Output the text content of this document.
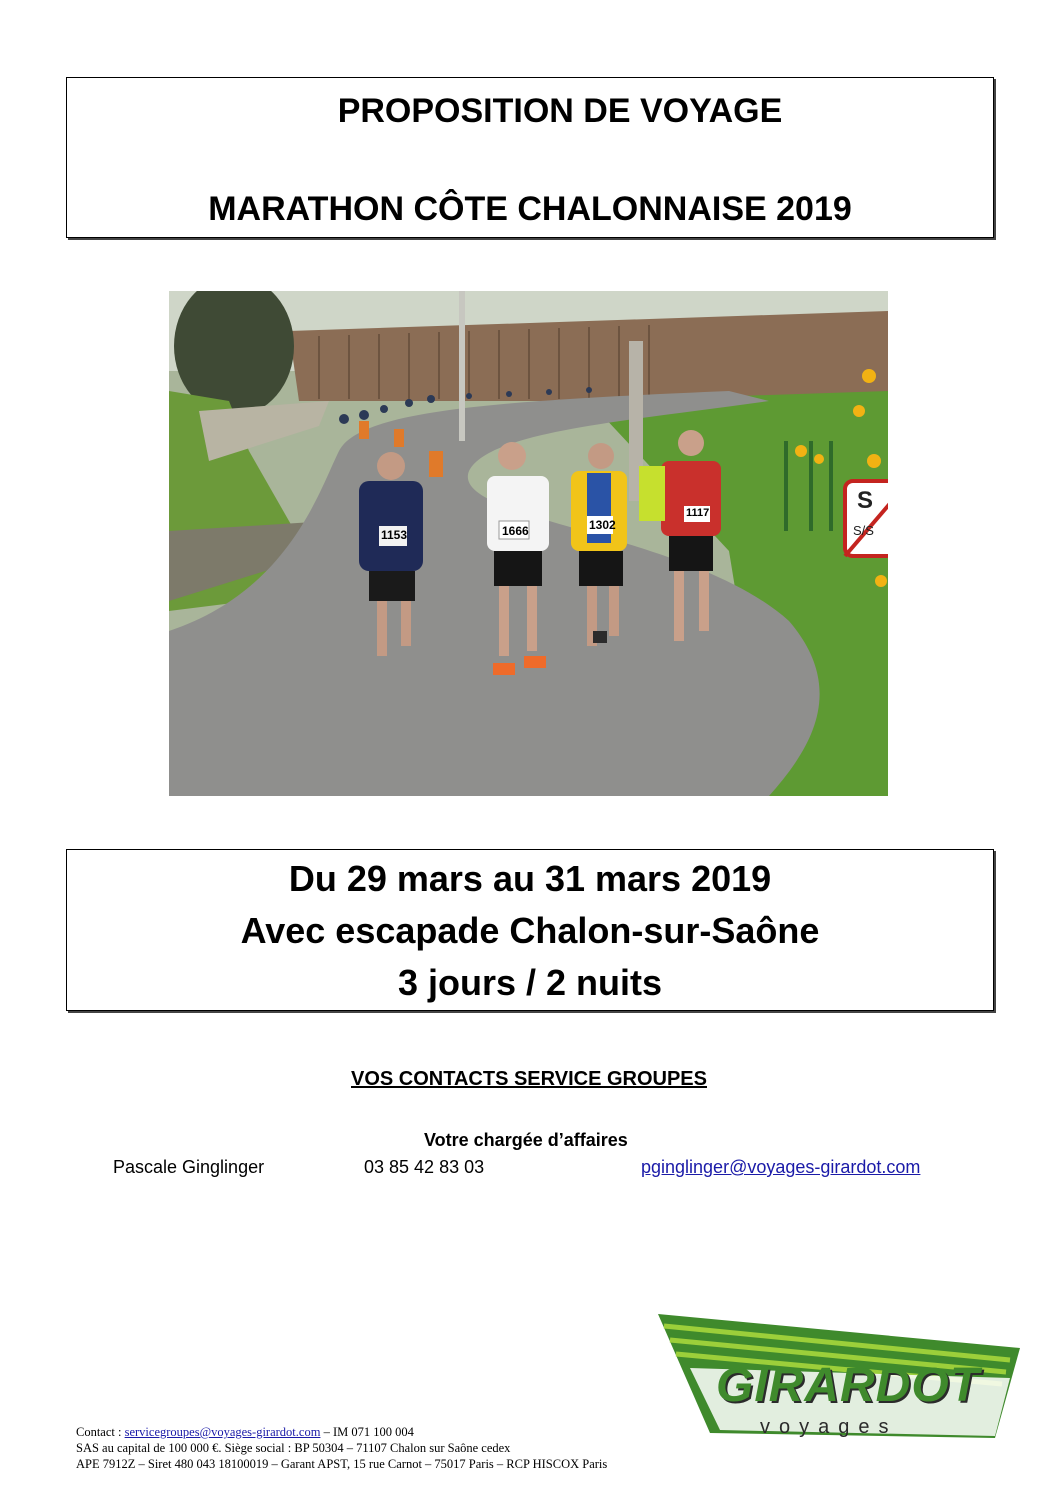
PROPOSITION DE VOYAGE
MARATHON CÔTE CHALONNAISE 2019
1153	1666	1302
1117	S
S/S
Du 29 mars au 31 mars 2019
Avec escapade Chalon-sur-Saône
3 jours / 2 nuits
VOS CONTACTS SERVICE GROUPES
Votre chargée d’affaires
Pascale Ginglinger	03 85 42 83 03	pginglinger@voyages-girardot.com
GIRARDOT
voyages
Contact : servicegroupes@voyages-girardot.com – IM 071 100 004
SAS au capital de 100 000 €. Siège social : BP 50304 – 71107 Chalon sur Saône cedex
APE 7912Z – Siret 480 043 18100019 – Garant APST, 15 rue Carnot – 75017 Paris – RCP HISCOX Paris
